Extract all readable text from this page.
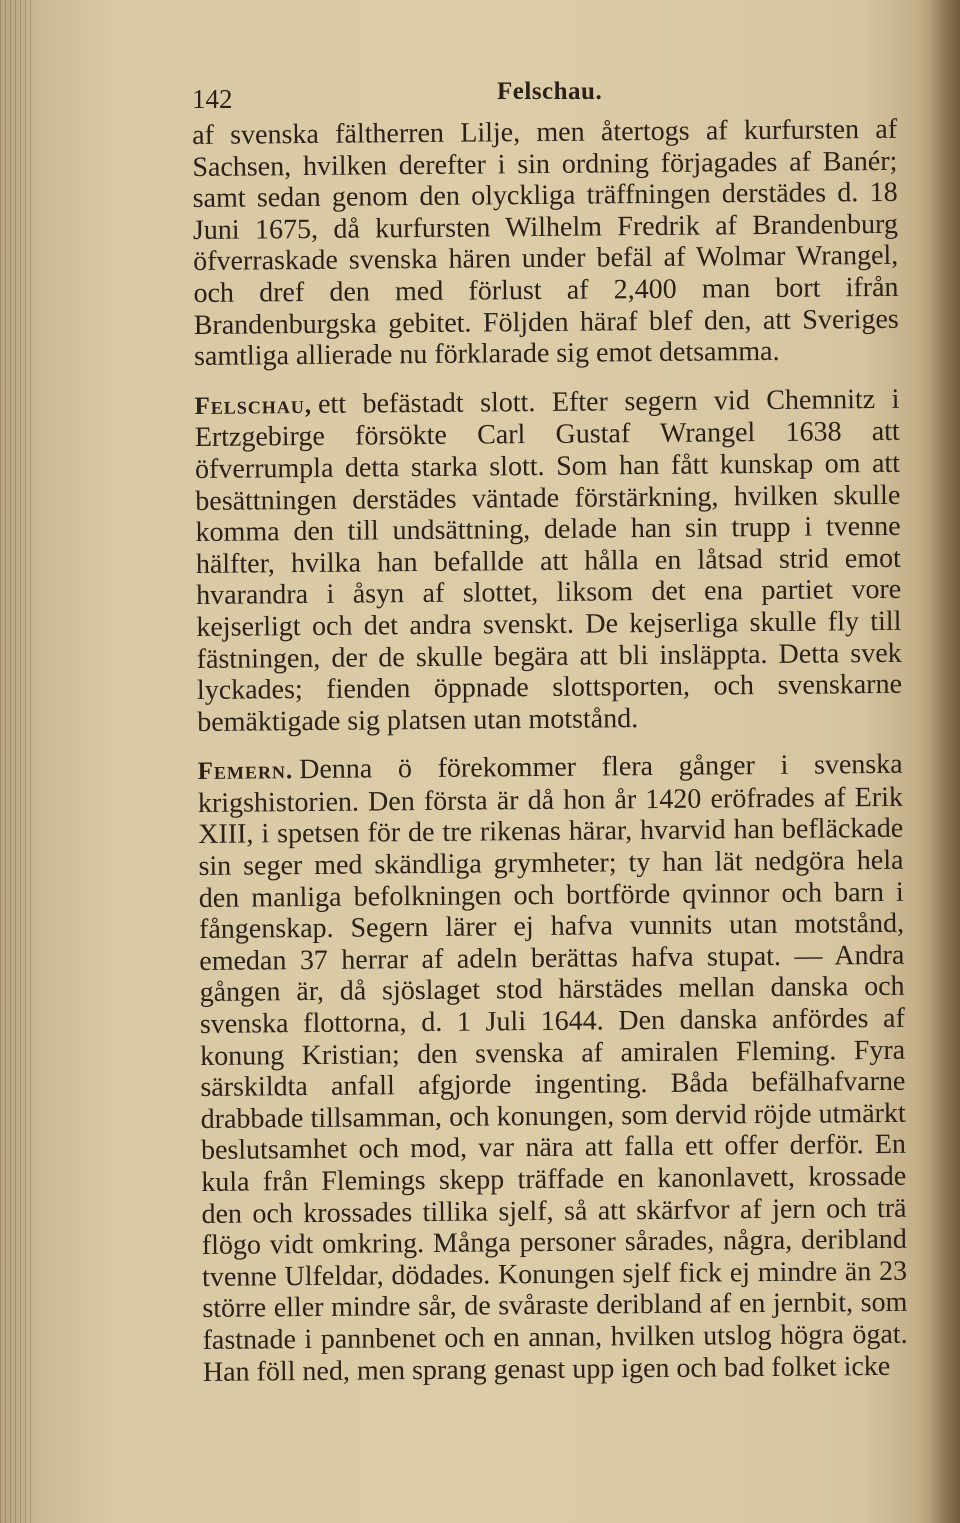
142	Felschau.

af svenska fältherren Lilje, men återtogs af kurfursten af Sachsen, hvilken derefter i sin ordning förjagades af Banér; samt sedan genom den olyckliga träffningen derstädes d. 18 Juni 1675, då kurfursten Wilhelm Fredrik af Brandenburg öfverraskade svenska hären under befäl af Wolmar Wrangel, och dref den med förlust af 2,400 man bort ifrån Brandenburgska gebitet. Följden häraf blef den, att Sveriges samtliga allierade nu förklarade sig emot detsamma.

Felschau, ett befästadt slott. Efter segern vid Chemnitz i Ertzgebirge försökte Carl Gustaf Wrangel 1638 att öfverrumpla detta starka slott. Som han fått kunskap om att besättningen derstädes väntade förstärkning, hvilken skulle komma den till undsättning, delade han sin trupp i tvenne hälfter, hvilka han befallde att hålla en låtsad strid emot hvarandra i åsyn af slottet, liksom det ena partiet vore kejserligt och det andra svenskt. De kejserliga skulle fly till fästningen, der de skulle begära att bli insläppta. Detta svek lyckades; fienden öppnade slottsporten, och svenskarne bemäktigade sig platsen utan motstånd.

Femern. Denna ö förekommer flera gånger i svenska krigshistorien. Den första är då hon år 1420 eröfrades af Erik XIII, i spetsen för de tre rikenas härar, hvarvid han befläckade sin seger med skändliga grymheter; ty han lät nedgöra hela den manliga befolkningen och bortförde qvinnor och barn i fångenskap. Segern lärer ej hafva vunnits utan motstånd, emedan 37 herrar af adeln berättas hafva stupat. — Andra gången är, då sjöslaget stod härstädes mellan danska och svenska flottorna, d. 1 Juli 1644. Den danska anfördes af konung Kristian; den svenska af amiralen Fleming. Fyra särskildta anfall afgjorde ingenting. Båda befälhafvarne drabbade tillsamman, och konungen, som dervid röjde utmärkt beslutsamhet och mod, var nära att falla ett offer derför. En kula från Flemings skepp träffade en kanonlavett, krossade den och krossades tillika sjelf, så att skärfvor af jern och trä flögo vidt omkring. Många personer sårades, några, deribland tvenne Ulfeldar, dödades. Konungen sjelf fick ej mindre än 23 större eller mindre sår, de svåraste deribland af en jernbit, som fastnade i pannbenet och en annan, hvilken utslog högra ögat. Han föll ned, men sprang genast upp igen och bad folket icke
